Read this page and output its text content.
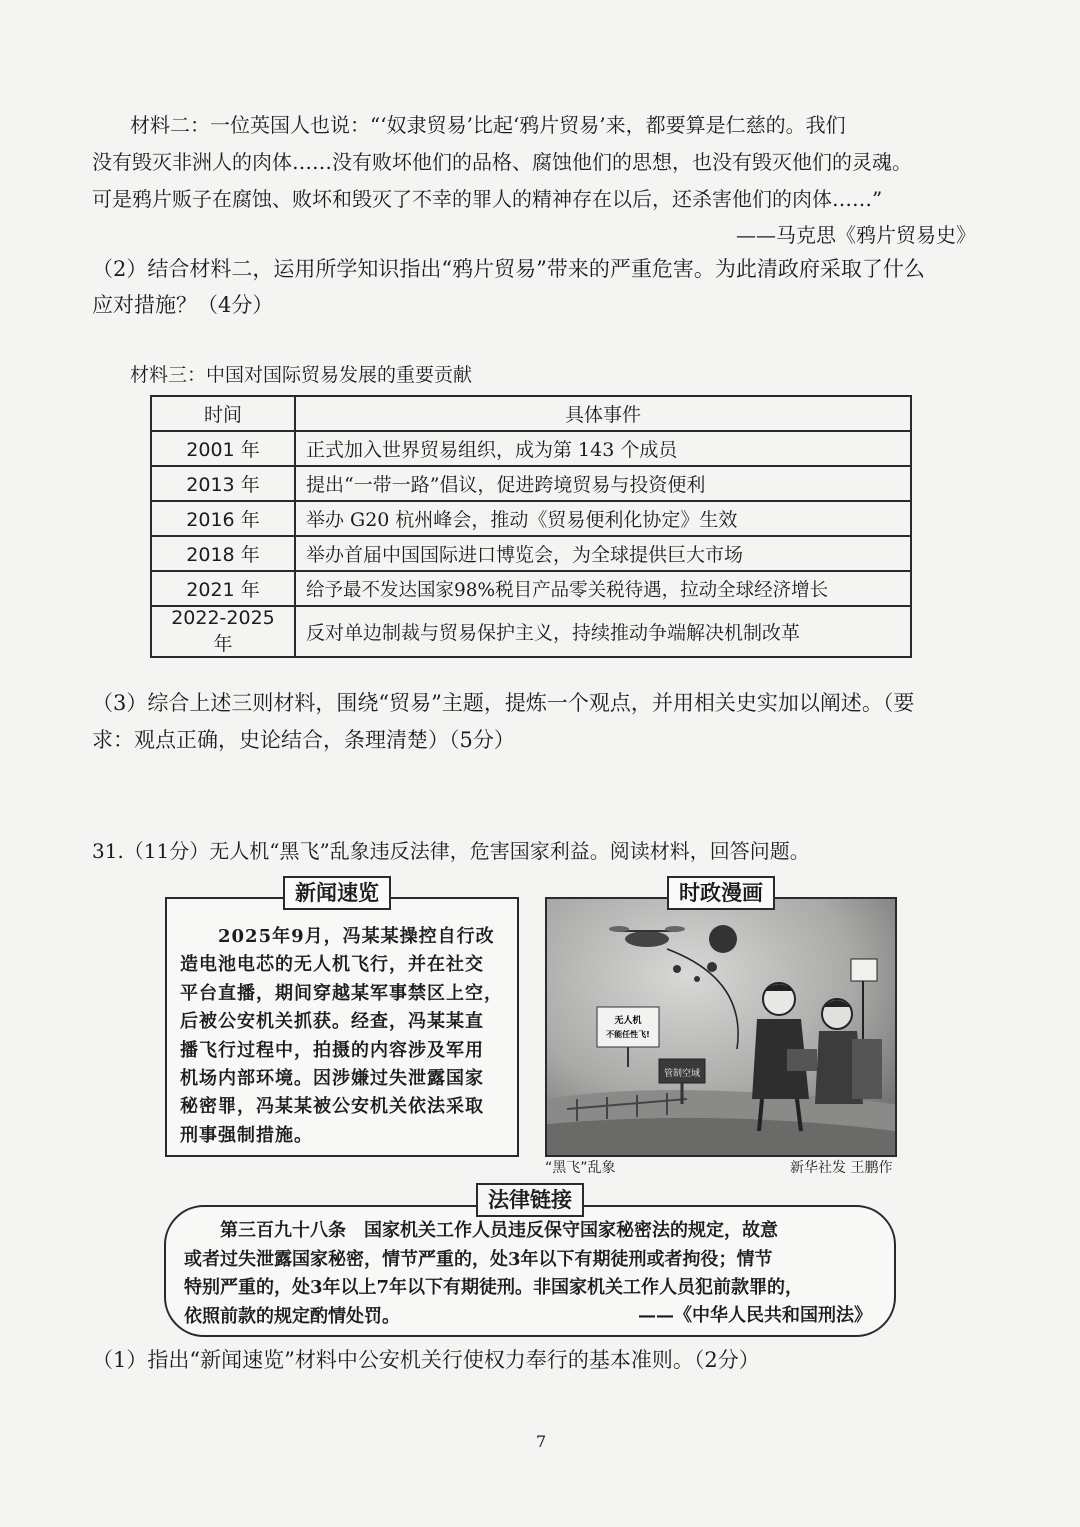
材料二：一位英国人也说：“‘奴隶贸易’比起‘鸦片贸易’来，都要算是仁慈的。我们
没有毁灭非洲人的肉体……没有败坏他们的品格、腐蚀他们的思想，也没有毁灭他们的灵魂。
可是鸦片贩子在腐蚀、败坏和毁灭了不幸的罪人的精神存在以后，还杀害他们的肉体……”
——马克思《鸦片贸易史》
（2）结合材料二，运用所学知识指出“鸦片贸易”带来的严重危害。为此清政府采取了什么
应对措施？（4分）
材料三：中国对国际贸易发展的重要贡献
时间	具体事件
2001 年	正式加入世界贸易组织，成为第 143 个成员
2013 年	提出“一带一路”倡议，促进跨境贸易与投资便利
2016 年	举办 G20 杭州峰会，推动《贸易便利化协定》生效
2018 年	举办首届中国国际进口博览会，为全球提供巨大市场
2021 年	给予最不发达国家98%税目产品零关税待遇，拉动全球经济增长
2022-2025 年	反对单边制裁与贸易保护主义，持续推动争端解决机制改革
（3）综合上述三则材料，围绕“贸易”主题，提炼一个观点，并用相关史实加以阐述。（要
求：观点正确，史论结合，条理清楚）（5分）
31.（11分）无人机“黑飞”乱象违反法律，危害国家利益。阅读材料，回答问题。
　　2025年9月，冯某某操控自行改
造电池电芯的无人机飞行，并在社交
平台直播，期间穿越某军事禁区上空，
后被公安机关抓获。经查，冯某某直
播飞行过程中，拍摄的内容涉及军用
机场内部环境。因涉嫌过失泄露国家
秘密罪，冯某某被公安机关依法采取
刑事强制措施。
新闻速览
管制空域
无人机
不能任性飞!
时政漫画
“黑飞”乱象	新华社发 王鹏作
　　第三百九十八条　国家机关工作人员违反保守国家秘密法的规定，故意
或者过失泄露国家秘密，情节严重的，处3年以下有期徒刑或者拘役；情节
特别严重的，处3年以上7年以下有期徒刑。非国家机关工作人员犯前款罪的，
依照前款的规定酌情处罚。	——《中华人民共和国刑法》
法律链接
（1）指出“新闻速览”材料中公安机关行使权力奉行的基本准则。（2分）
7
